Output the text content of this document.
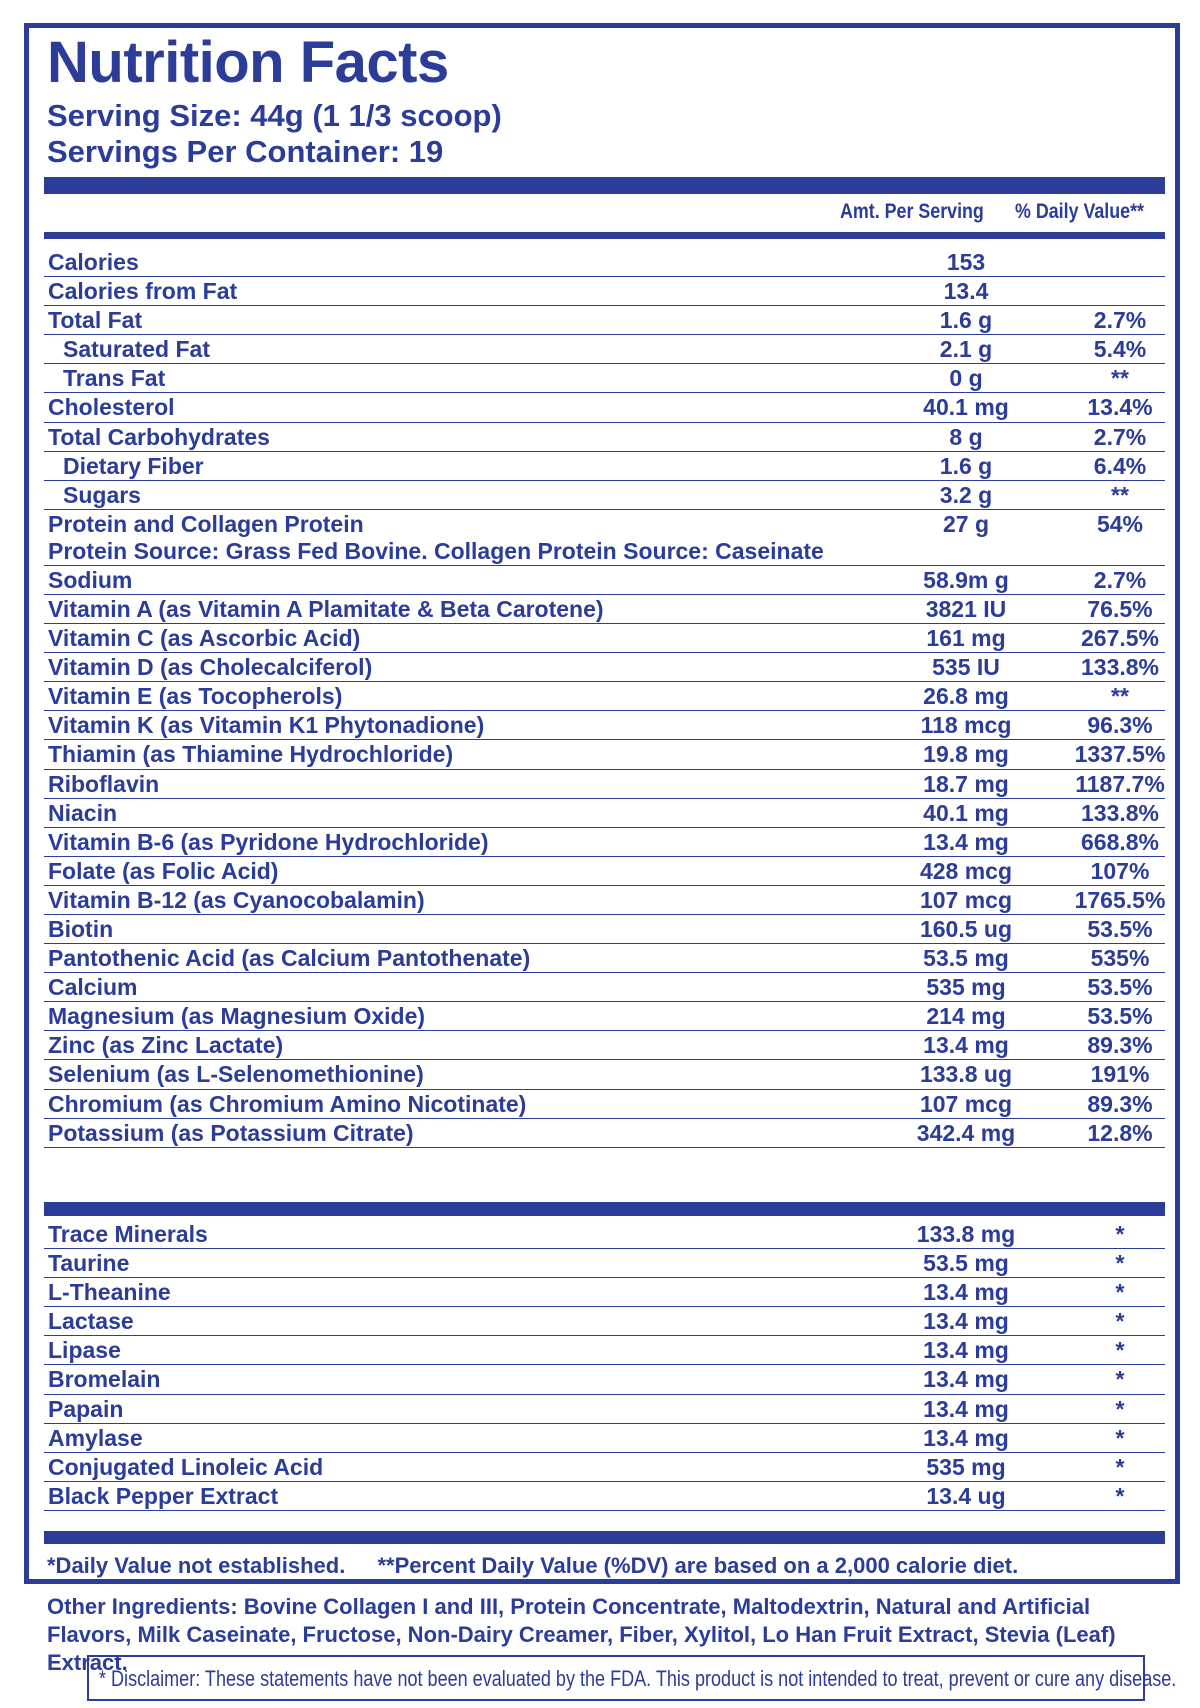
Nutrition Facts
Serving Size: 44g (1 1/3 scoop)
Servings Per Container: 19
Amt. Per Serving % Daily Value**
Calories	153
Calories from Fat	13.4
Total Fat	1.6 g	2.7%
Saturated Fat	2.1 g	5.4%
Trans Fat	0 g	**
Cholesterol	40.1 mg	13.4%
Total Carbohydrates	8 g	2.7%
Dietary Fiber	1.6 g	6.4%
Sugars	3.2 g	**
Protein and Collagen Protein	27 g	54%
Protein Source: Grass Fed Bovine. Collagen Protein Source: Caseinate
Sodium	58.9m g	2.7%
Vitamin A (as Vitamin A Plamitate & Beta Carotene)	3821 IU	76.5%
Vitamin C (as Ascorbic Acid)	161 mg	267.5%
Vitamin D (as Cholecalciferol)	535 IU	133.8%
Vitamin E (as Tocopherols)	26.8 mg	**
Vitamin K (as Vitamin K1 Phytonadione)	118 mcg	96.3%
Thiamin (as Thiamine Hydrochloride)	19.8 mg	1337.5%
Riboflavin	18.7 mg	1187.7%
Niacin	40.1 mg	133.8%
Vitamin B-6 (as Pyridone Hydrochloride)	13.4 mg	668.8%
Folate (as Folic Acid)	428 mcg	107%
Vitamin B-12 (as Cyanocobalamin)	107 mcg	1765.5%
Biotin	160.5 ug	53.5%
Pantothenic Acid (as Calcium Pantothenate)	53.5 mg	535%
Calcium	535 mg	53.5%
Magnesium (as Magnesium Oxide)	214 mg	53.5%
Zinc (as Zinc Lactate)	13.4 mg	89.3%
Selenium (as L-Selenomethionine)	133.8 ug	191%
Chromium (as Chromium Amino Nicotinate)	107 mcg	89.3%
Potassium (as Potassium Citrate)	342.4 mg	12.8%
Trace Minerals	133.8 mg	*
Taurine	53.5 mg	*
L-Theanine	13.4 mg	*
Lactase	13.4 mg	*
Lipase	13.4 mg	*
Bromelain	13.4 mg	*
Papain	13.4 mg	*
Amylase	13.4 mg	*
Conjugated Linoleic Acid	535 mg	*
Black Pepper Extract	13.4 ug	*
*Daily Value not established. **Percent Daily Value (%DV) are based on a 2,000 calorie diet.
Other Ingredients: Bovine Collagen I and III, Protein Concentrate, Maltodextrin, Natural and Artificial Flavors, Milk Caseinate, Fructose, Non-Dairy Creamer, Fiber, Xylitol, Lo Han Fruit Extract, Stevia (Leaf) Extract.
* Disclaimer: These statements have not been evaluated by the FDA. This product is not intended to treat, prevent or cure any disease.
